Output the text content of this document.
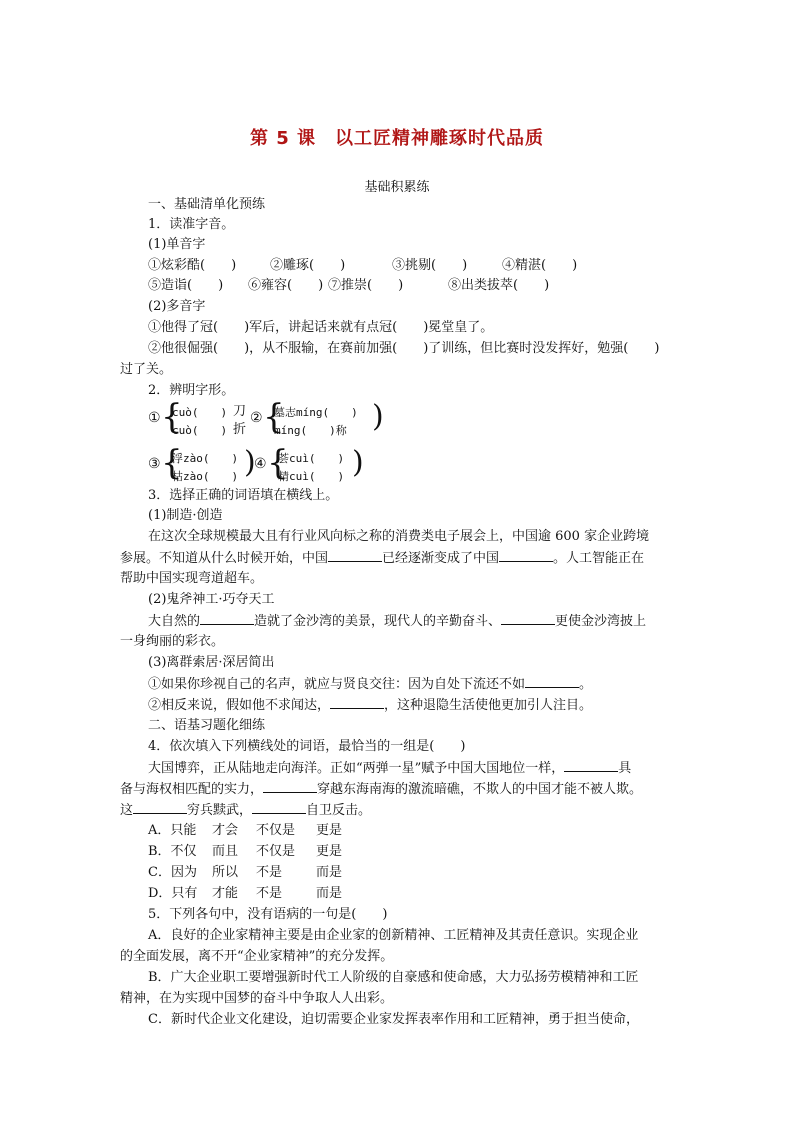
第 5 课　以工匠精神雕琢时代品质
基础积累练
一、基础清单化预练
1．读准字音。
(1)单音字
①炫彩酷(　　)	②雕琢(　　)	③挑剔(　　)	④精湛(　　)
⑤造诣(　　) ⑥雍容(　　) ⑦推崇(　　)	⑧出类拔萃(　　)
(2)多音字
①他得了冠(　　)军后，讲起话来就有点冠(　　)冕堂皇了。
②他很倔强(　　)，从不服输，在赛前加强(　　)了训练，但比赛时没发挥好，勉强(　　)
过了关。
2．辨明字形。
① {
cuò(　　)
cuò(　　)
刀
折
② {
墓志míng(　　)
míng(　　)称 )
③ {
浮zào(　　)
枯zào(　　) )
④ {
荟cuì(　　)
精cuì(　　) )
3．选择正确的词语填在横线上。
(1)制造·创造
在这次全球规模最大且有行业风向标之称的消费类电子展会上，中国逾 600 家企业跨境
参展。不知道从什么时候开始，中国	已经逐渐变成了中国	。人工智能正在
帮助中国实现弯道超车。
(2)鬼斧神工·巧夺天工
大自然的	造就了金沙湾的美景，现代人的辛勤奋斗、	更使金沙湾披上
一身绚丽的彩衣。
(3)离群索居·深居简出
①如果你珍视自己的名声，就应与贤良交往：因为自处下流还不如	。
②相反来说，假如他不求闻达，	，这种退隐生活使他更加引人注目。
二、语基习题化细练
4．依次填入下列横线处的词语，最恰当的一组是(　　)
大国博弈，正从陆地走向海洋。正如“两弹一星”赋予中国大国地位一样，	具
备与海权相匹配的实力，	穿越东海南海的激流暗礁，不欺人的中国才能不被人欺。
这	穷兵黩武，	自卫反击。
A．只能 才会 不仅是 更是
B．不仅 而且 不仅是 更是
C．因为 所以 不是	而是
D．只有 才能 不是	而是
5．下列各句中，没有语病的一句是(　　)
A．良好的企业家精神主要是由企业家的创新精神、工匠精神及其责任意识。实现企业
的全面发展，离不开“企业家精神”的充分发挥。
B．广大企业职工要增强新时代工人阶级的自豪感和使命感，大力弘扬劳模精神和工匠
精神，在为实现中国梦的奋斗中争取人人出彩。
C．新时代企业文化建设，迫切需要企业家发挥表率作用和工匠精神，勇于担当使命，
